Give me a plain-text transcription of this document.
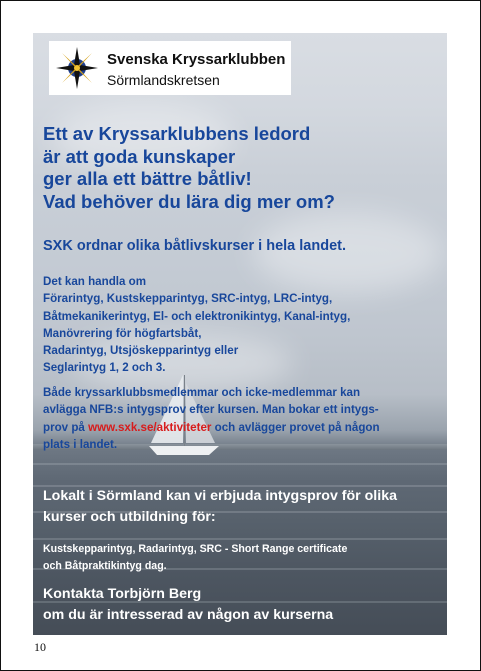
Svenska Kryssarklubben
Sörmlandskretsen
Ett av Kryssarklubbens ledord
är att goda kunskaper
ger alla ett bättre båtliv!
Vad behöver du lära dig mer om?
SXK ordnar olika båtlivskurser i hela landet.
Det kan handla om
Förarintyg, Kustskepparintyg, SRC-intyg, LRC-intyg,
Båtmekanikerintyg, El- och elektronikintyg, Kanal-intyg,
Manövrering för högfartsbåt,
Radarintyg, Utsjöskepparintyg eller
Seglarintyg 1, 2 och 3.
Både kryssarklubbsmedlemmar och icke-medlemmar kan
avlägga NFB:s intygsprov efter kursen. Man bokar ett intygs-
prov på www.sxk.se/aktiviteter och avlägger provet på någon
plats i landet.
Lokalt i Sörmland kan vi erbjuda intygsprov för olika
kurser och utbildning för:
Kustskepparintyg, Radarintyg, SRC - Short Range certificate
och Båtpraktikintyg dag.
Kontakta Torbjörn Berg
om du är intresserad av någon av kurserna
10
